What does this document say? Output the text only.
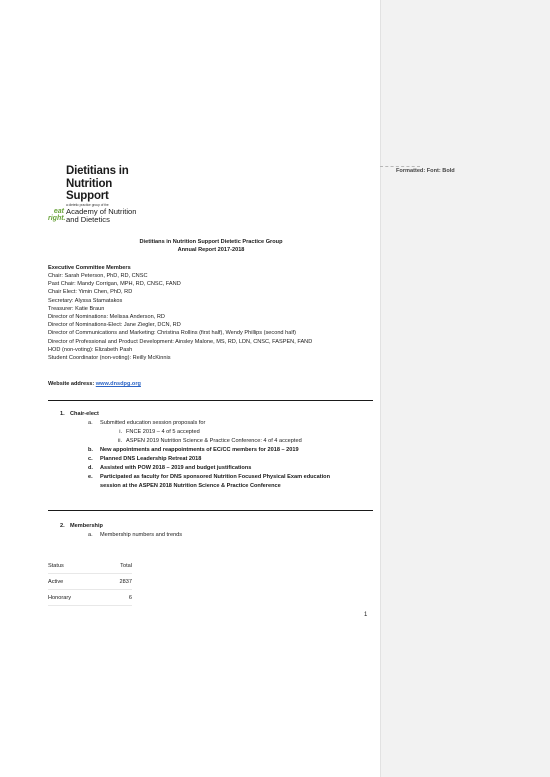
Dietitians in
Nutrition
Support
a dietetic practice group of the
eat
right.
Academy of Nutrition
and Dietetics
Dietitians in Nutrition Support Dietetic Practice Group
Annual Report 2017-2018
Executive Committee Members
Chair: Sarah Peterson, PhD, RD, CNSC
Past Chair: Mandy Corrigan, MPH, RD, CNSC, FAND
Chair Elect: Yimin Chen, PhD, RD
Secretary: Alyssa Stamatakos
Treasurer: Katie Braun
Director of Nominations: Melissa Anderson, RD
Director of Nominations-Elect: Jane Ziegler, DCN, RD
Director of Communications and Marketing: Christina Rollins (first half), Wendy Phillips (second half)
Director of Professional and Product Development: Ainsley Malone, MS, RD, LDN, CNSC, FASPEN, FAND
HOD (non-voting): Elizabeth Pash
Student Coordinator (non-voting): Reilly McKinnis
Website address: www.dnsdpg.org
1. Chair-elect
a. Submitted education session proposals for
i. FNCE 2019 – 4 of 5 accepted
ii. ASPEN 2019 Nutrition Science & Practice Conference: 4 of 4 accepted
b. New appointments and reappointments of EC/CC members for 2018 – 2019
c. Planned DNS Leadership Retreat 2018
d. Assisted with POW 2018 – 2019 and budget justifications
e. Participated as faculty for DNS sponsored Nutrition Focused Physical Exam education
session at the ASPEN 2018 Nutrition Science & Practice Conference
2. Membership
a. Membership numbers and trends
Status	Total
Active	2837
Honorary	6
1
Formatted: Font: Bold
